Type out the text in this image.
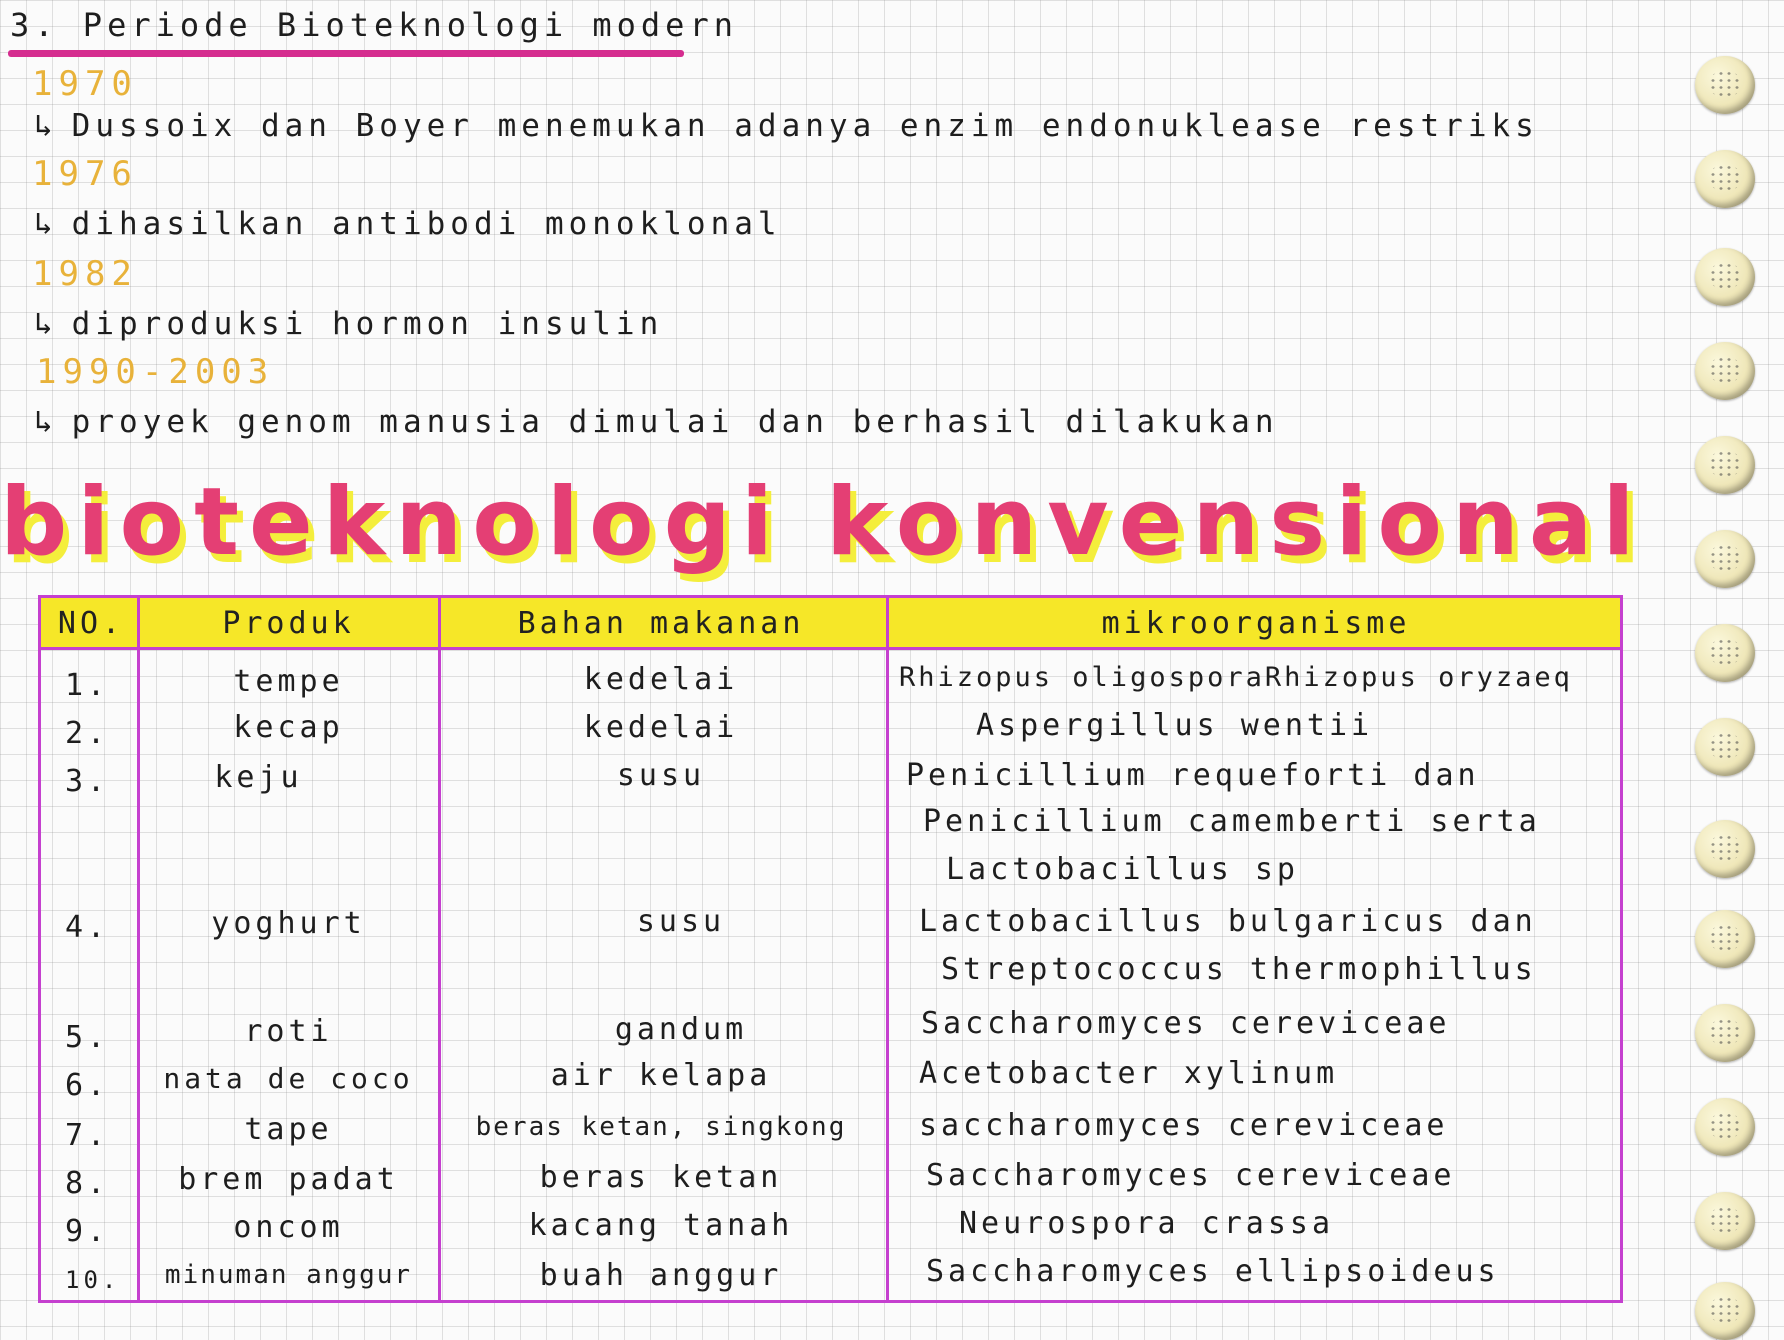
3. Periode Bioteknologi modern
1970
↳ Dussoix dan Boyer menemukan adanya enzim endonuklease restriks
1976
↳ dihasilkan antibodi monoklonal
1982
↳ diproduksi hormon insulin
1990-2003
↳ proyek genom manusia dimulai dan berhasil dilakukan
bioteknologi konvensional
NO.	Produk	Bahan makanan	mikroorganisme
1.	tempe	kedelai	Rhizopus oligosporaRhizopus oryzaeq
2.	kecap	kedelai	Aspergillus wentii
3.	keju	susu	Penicillium requeforti dan
Penicillium camemberti serta
Lactobacillus sp
4.	yoghurt	susu	Lactobacillus bulgaricus dan
Streptococcus thermophillus
5.	roti	gandum	Saccharomyces cereviceae
6.	nata de coco	air kelapa	Acetobacter xylinum
7.	tape	beras ketan, singkong	saccharomyces cereviceae
8.	brem padat	beras ketan	Saccharomyces cereviceae
9.	oncom	kacang tanah	Neurospora crassa
10.	minuman anggur	buah anggur	Saccharomyces ellipsoideus
